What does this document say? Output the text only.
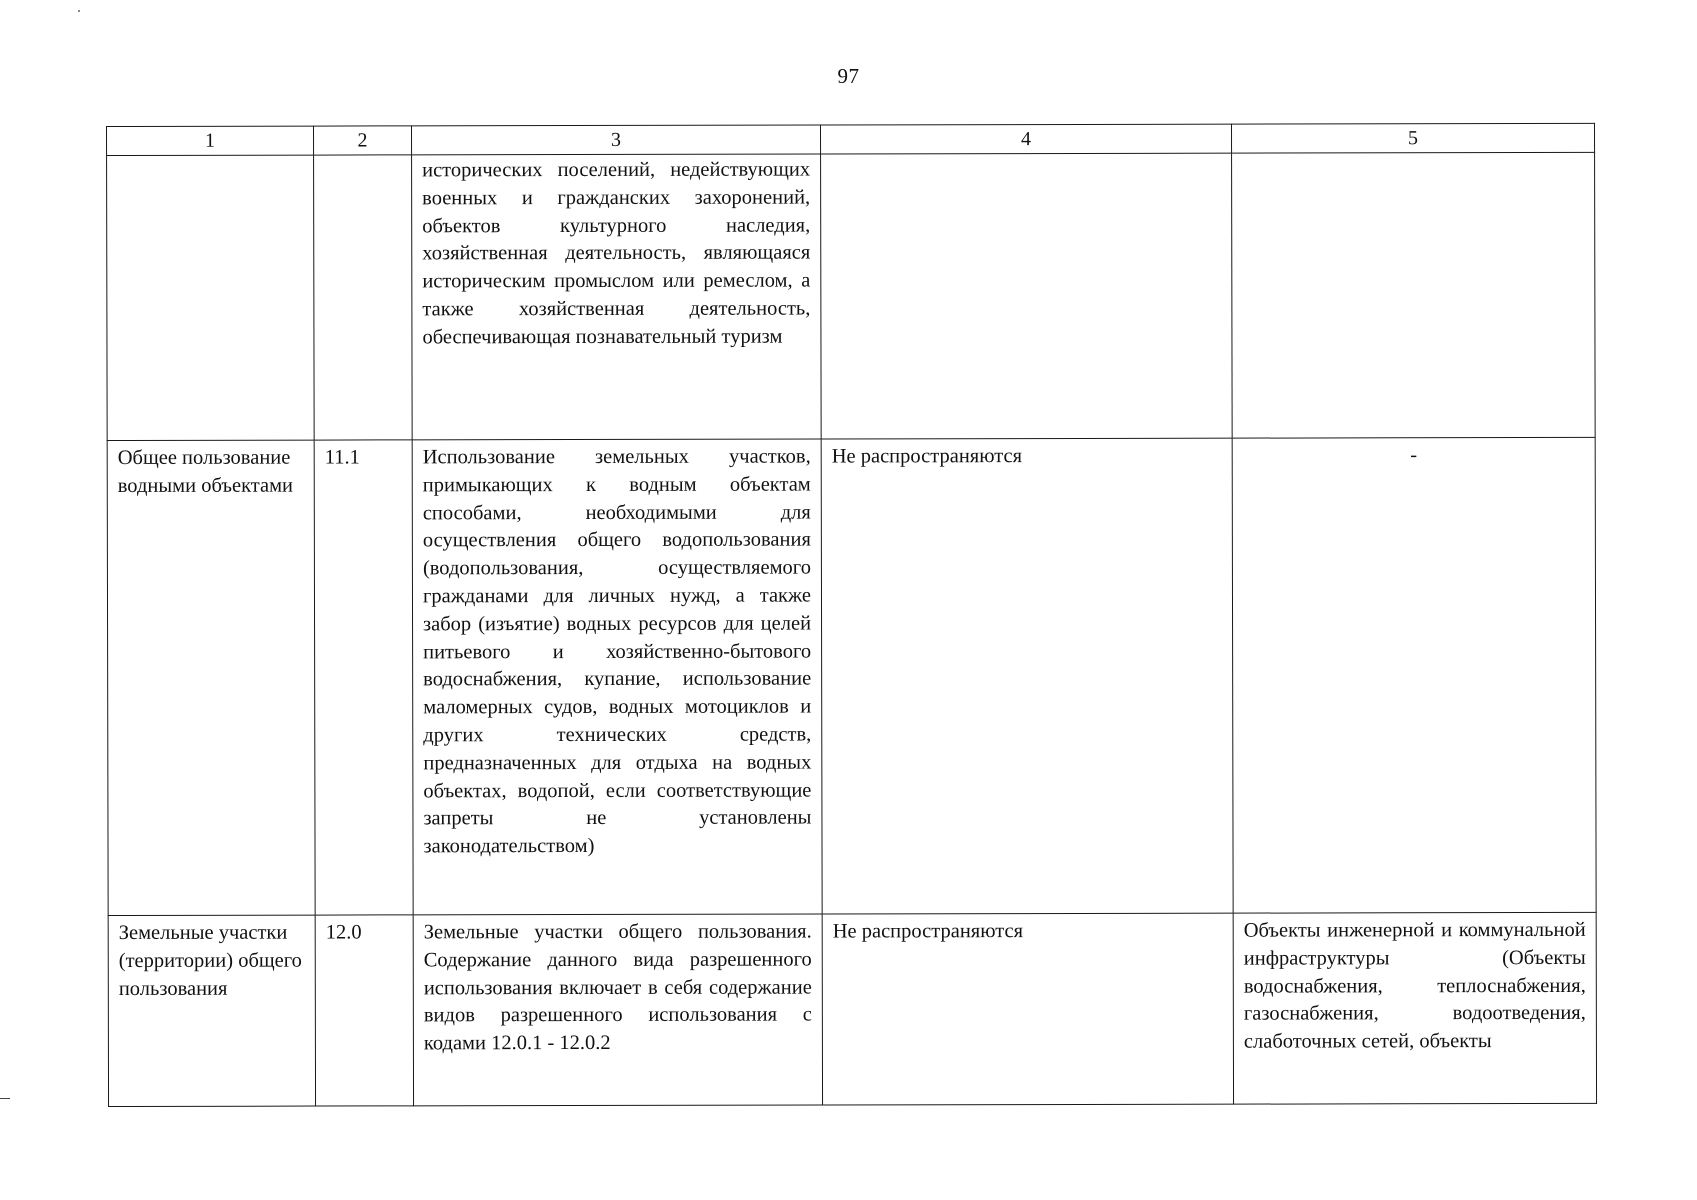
97
1	2	3	4	5

		исторических поселений, недействующих военных и гражданских захоронений, объектов культурного наследия, хозяйственная деятельность, являющаяся историческим промыслом или ремеслом, а также хозяйственная деятельность, обеспечивающая познавательный туризм		

Общее пользование водными объектами	11.1	Использование земельных участков, примыкающих к водным объектам способами, необходимыми для осуществления общего водопользования (водопользования, осуществляемого гражданами для личных нужд, а также забор (изъятие) водных ресурсов для целей питьевого и хозяйственно-бытового водоснабжения, купание, использование маломерных судов, водных мотоциклов и других технических средств, предназначенных для отдыха на водных объектах, водопой, если соответствующие запреты не установлены законодательством)	Не распространяются	-

Земельные участки (территории) общего пользования	12.0	Земельные участки общего пользования. Содержание данного вида разрешенного использования включает в себя содержание видов разрешенного использования с кодами 12.0.1 - 12.0.2	Не распространяются	Объекты инженерной и коммунальной инфраструктуры (Объекты водоснабжения, теплоснабжения, газоснабжения, водоотведения, слаботочных сетей, объекты
